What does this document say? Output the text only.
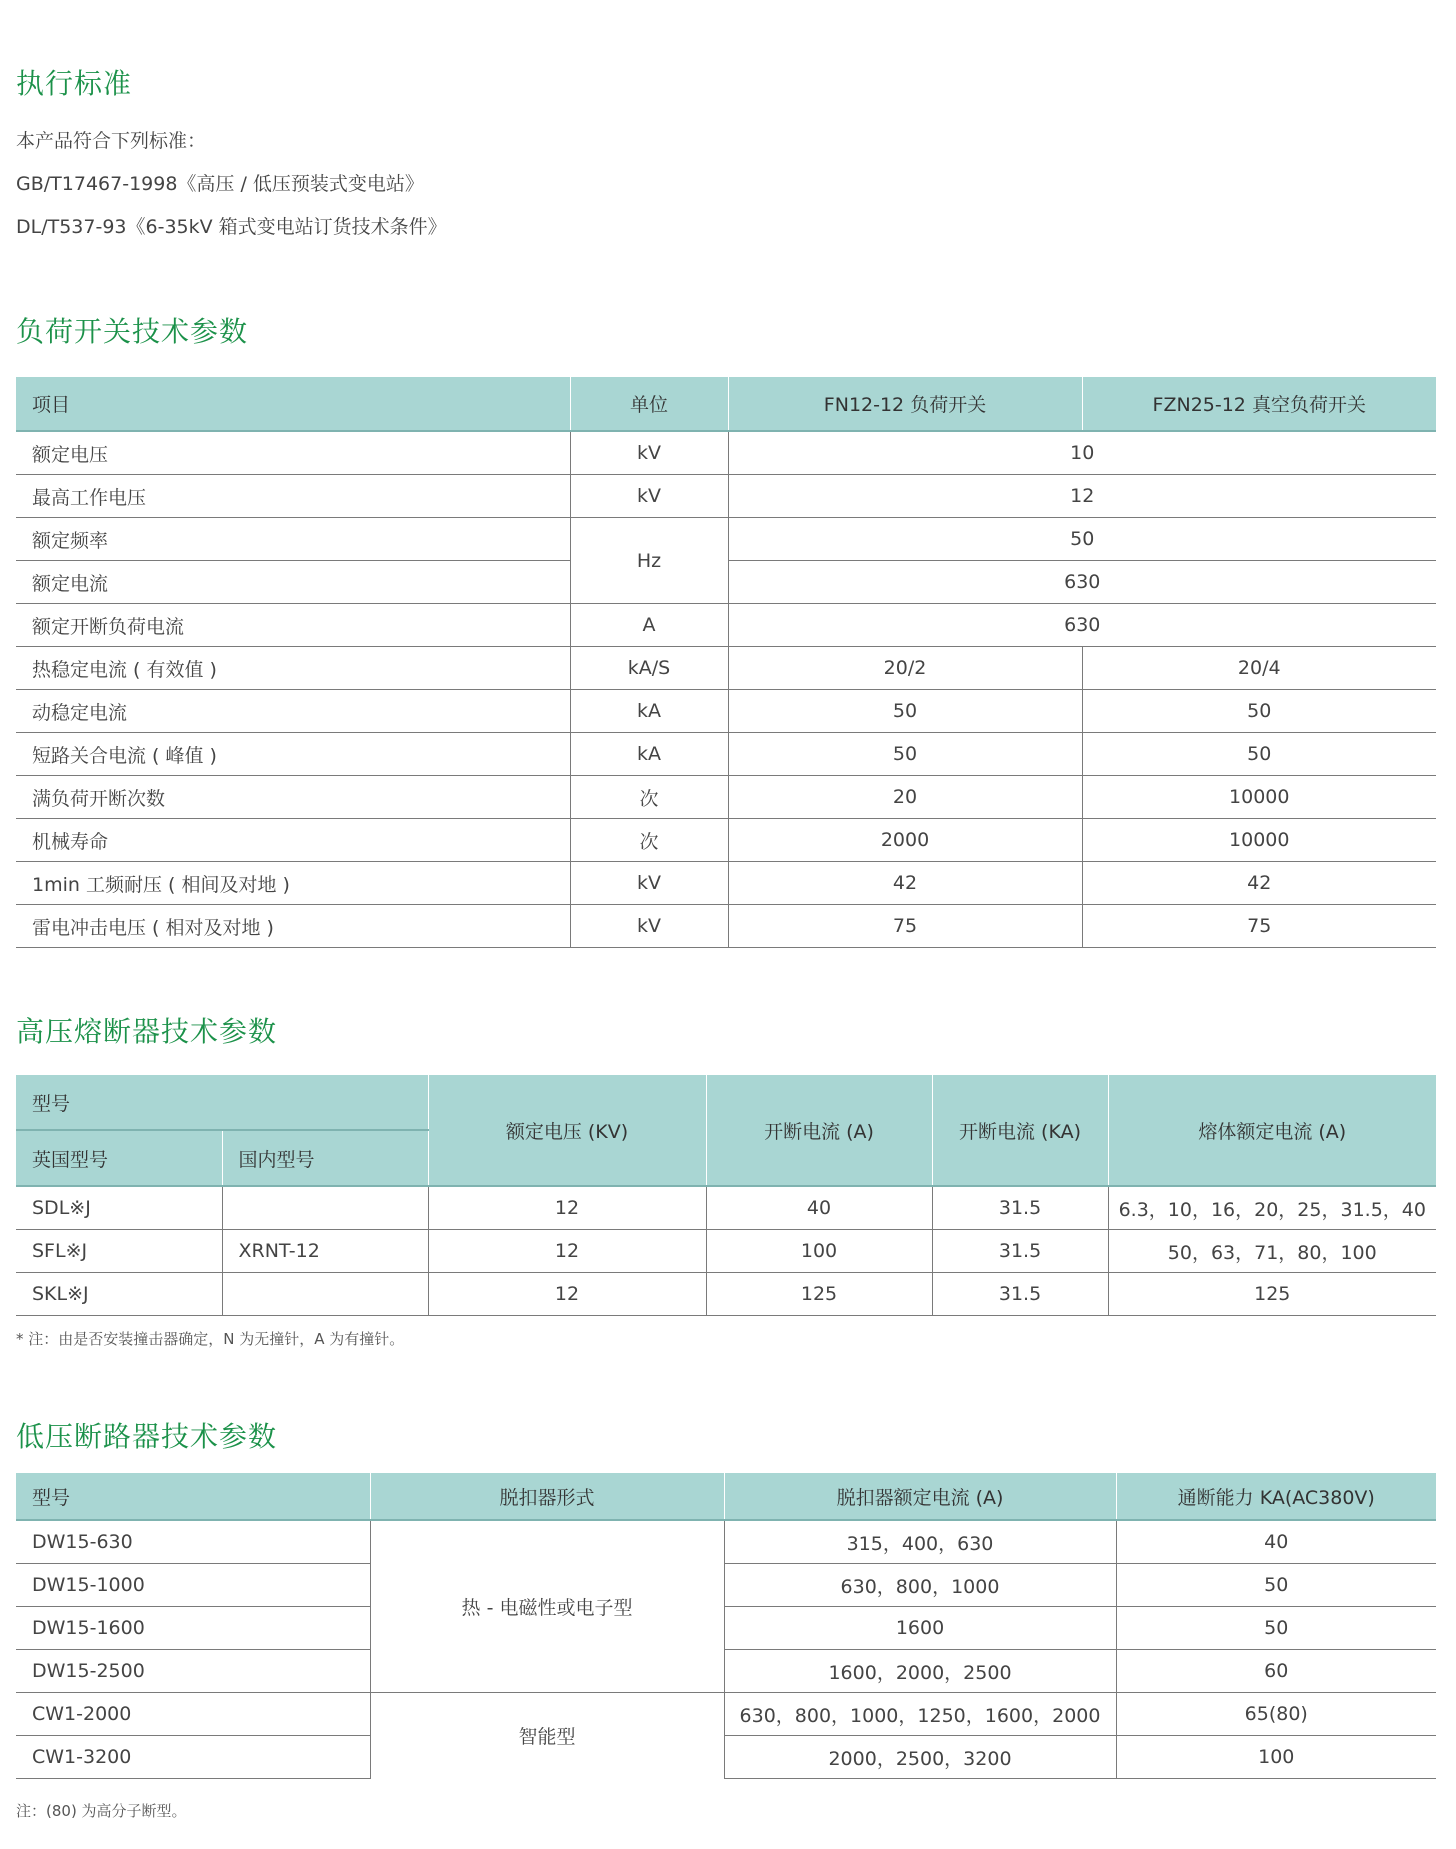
执行标准
本产品符合下列标准：
GB/T17467-1998《高压 / 低压预装式变电站》
DL/T537-93《6-35kV 箱式变电站订货技术条件》
负荷开关技术参数
项目	单位	FN12-12 负荷开关	FZN25-12 真空负荷开关
额定电压	kV	10	
最高工作电压	kV	12	
额定频率	Hz	50	
额定电流		630	
额定开断负荷电流	A	630	
热稳定电流 ( 有效值 )	kA/S	20/2	20/4
动稳定电流	kA	50	50
短路关合电流 ( 峰值 )	kA	50	50
满负荷开断次数	次	20	10000
机械寿命	次	2000	10000
1min 工频耐压 ( 相间及对地 )	kV	42	42
雷电冲击电压 ( 相对及对地 )	kV	75	75
高压熔断器技术参数
型号		额定电压 (KV)	开断电流 (A)	开断电流 (KA)	熔体额定电流 (A)
英国型号	国内型号				
SDL※J		12	40	31.5	6.3，10，16，20，25，31.5，40
SFL※J	XRNT-12	12	100	31.5	50，63，71，80，100
SKL※J		12	125	31.5	125
* 注：由是否安装撞击器确定，N 为无撞针，A 为有撞针。
低压断路器技术参数
型号	脱扣器形式	脱扣器额定电流 (A)	通断能力 KA(AC380V)
DW15-630	热 - 电磁性或电子型	315，400，630	40
DW15-1000		630，800，1000	50
DW15-1600		1600	50
DW15-2500		1600，2000，2500	60
CW1-2000	智能型	630，800，1000，1250，1600，2000	65(80)
CW1-3200		2000，2500，3200	100
注：(80) 为高分子断型。
